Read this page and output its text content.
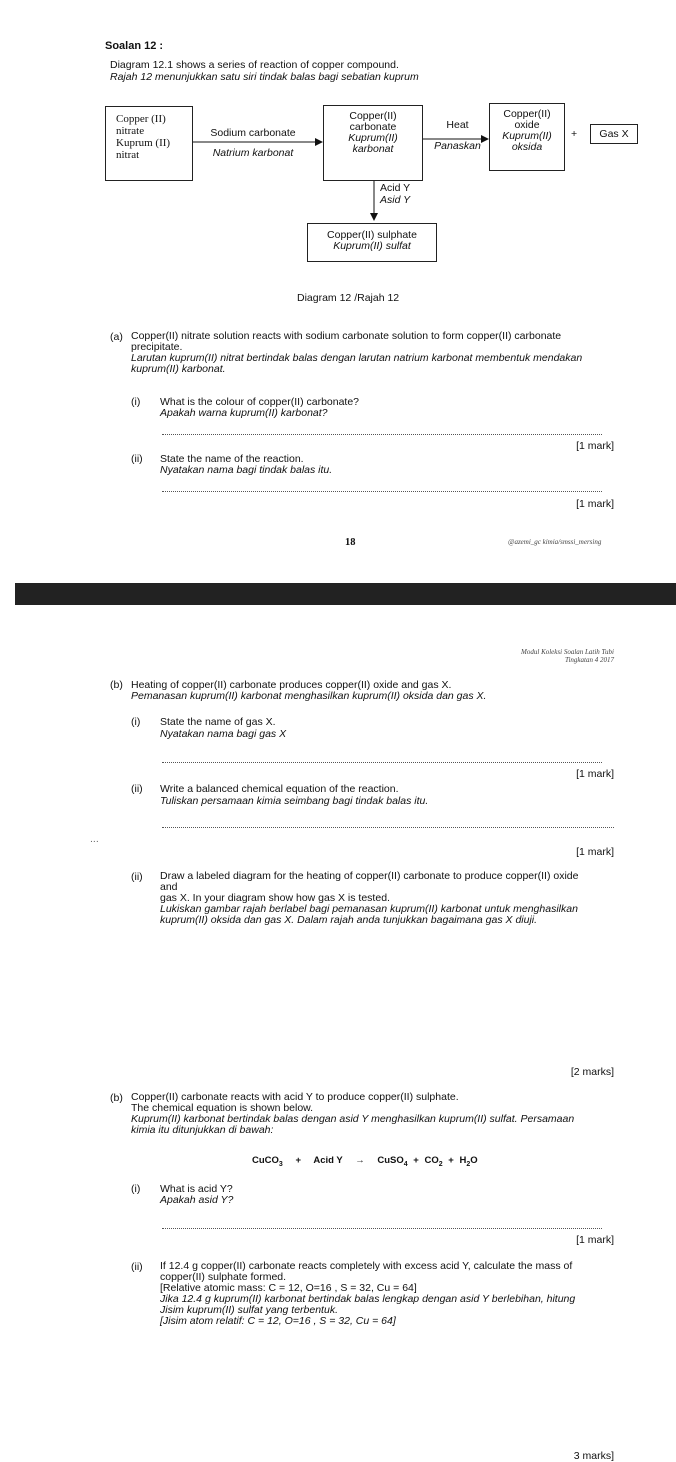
Soalan 12 :
Diagram 12.1 shows a series of reaction of copper compound.
Rajah 12 menunjukkan satu siri tindak balas bagi sebatian kuprum
Copper (II)
nitrate
Kuprum (II)
nitrat
Sodium carbonate
Natrium karbonat
Copper(II)
carbonate
Kuprum(II)
karbonat
Heat
Panaskan
Copper(II)
oxide
Kuprum(II)
oksida
+	Gas X
Acid Y
Asid Y
Copper(II) sulphate
Kuprum(II) sulfat
Diagram 12 /Rajah 12
(a) Copper(II) nitrate solution reacts with sodium carbonate solution to form copper(II) carbonate
precipitate.
Larutan kuprum(II) nitrat bertindak balas dengan larutan natrium karbonat membentuk mendakan
kuprum(II) karbonat.
(i) What is the colour of copper(II) carbonate?
Apakah warna kuprum(II) karbonat?
[1 mark]
(ii) State the name of the reaction.
Nyatakan nama bagi tindak balas itu.
[1 mark]
18	@azemi_gc kimia/smssi_mersing
Modul Koleksi Soalan Latih Tubi
Tingkatan 4 2017
(b) Heating of copper(II) carbonate produces copper(II) oxide and gas X.
Pemanasan kuprum(II) karbonat menghasilkan kuprum(II) oksida dan gas X.
(i) State the name of gas X.
Nyatakan nama bagi gas X
[1 mark]
(ii) Write a balanced chemical equation of the reaction.
Tuliskan persamaan kimia seimbang bagi tindak balas itu.
...
[1 mark]
(ii) Draw a labeled diagram for the heating of copper(II) carbonate to produce copper(II) oxide
and
gas X. In your diagram show how gas X is tested.
Lukiskan gambar rajah berlabel bagi pemanasan kuprum(II) karbonat untuk menghasilkan
kuprum(II) oksida dan gas X. Dalam rajah anda tunjukkan bagaimana gas X diuji.
[2 marks]
(b) Copper(II) carbonate reacts with acid Y to produce copper(II) sulphate.
The chemical equation is shown below.
Kuprum(II) karbonat bertindak balas dengan asid Y menghasilkan kuprum(II) sulfat. Persamaan
kimia itu ditunjukkan di bawah:
CuCO$_3$ + Acid Y → CuSO$_4$ + $CO_2 + H_2O$
(i) What is acid Y?
Apakah asid Y?
[1 mark]
(ii) If 12.4 g copper(II) carbonate reacts completely with excess acid Y, calculate the mass of
copper(II) sulphate formed.
[Relative atomic mass: C = 12, O=16 , S = 32, Cu = 64]
Jika 12.4 g kuprum(II) karbonat bertindak balas lengkap dengan asid Y berlebihan, hitung
Jisim kuprum(II) sulfat yang terbentuk.
[Jisim atom relatif: C = 12, O=16 , S = 32, Cu = 64]
3 marks]
